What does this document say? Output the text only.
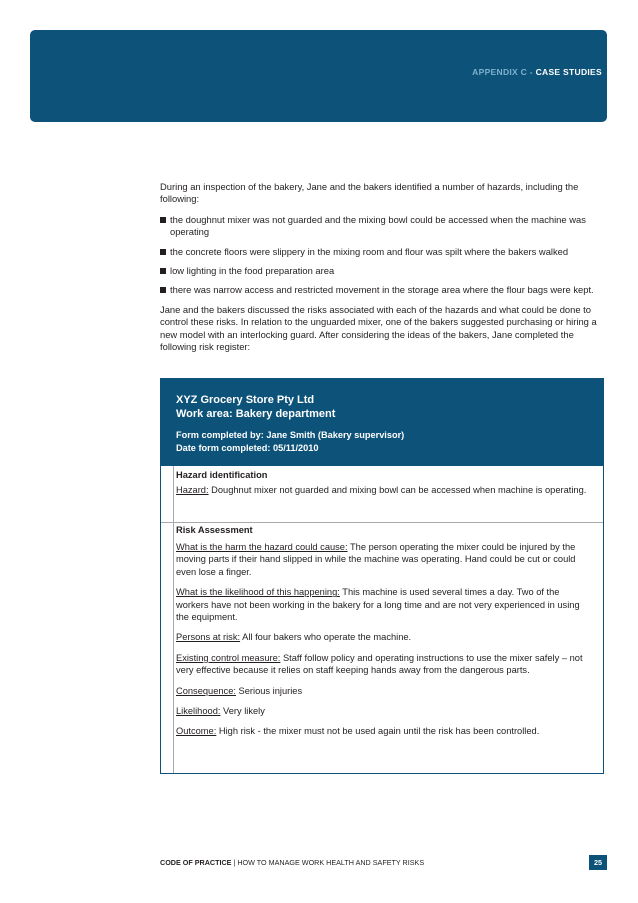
APPENDIX C - CASE STUDIES

During an inspection of the bakery, Jane and the bakers identified a number of hazards, including the following:

the doughnut mixer was not guarded and the mixing bowl could be accessed when the machine was operating
the concrete floors were slippery in the mixing room and flour was spilt where the bakers walked
low lighting in the food preparation area
there was narrow access and restricted movement in the storage area where the flour bags were kept.

Jane and the bakers discussed the risks associated with each of the hazards and what could be done to control these risks. In relation to the unguarded mixer, one of the bakers suggested purchasing or hiring a new model with an interlocking guard. After considering the ideas of the bakers, Jane completed the following risk register:

XYZ Grocery Store Pty Ltd
Work area: Bakery department
Form completed by: Jane Smith (Bakery supervisor)
Date form completed: 05/11/2010
Hazard identification

Hazard: Doughnut mixer not guarded and mixing bowl can be accessed when machine is operating.

Risk Assessment

What is the harm the hazard could cause: The person operating the mixer could be injured by the moving parts if their hand slipped in while the machine was operating. Hand could be cut or could even lose a finger.

What is the likelihood of this happening: This machine is used several times a day. Two of the workers have not been working in the bakery for a long time and are not very experienced in using the equipment.

Persons at risk: All four bakers who operate the machine.

Existing control measure: Staff follow policy and operating instructions to use the mixer safely – not very effective because it relies on staff keeping hands away from the dangerous parts.

Consequence: Serious injuries

Likelihood: Very likely

Outcome: High risk - the mixer must not be used again until the risk has been controlled.

CODE OF PRACTICE | HOW TO MANAGE WORK HEALTH AND SAFETY RISKS	25
